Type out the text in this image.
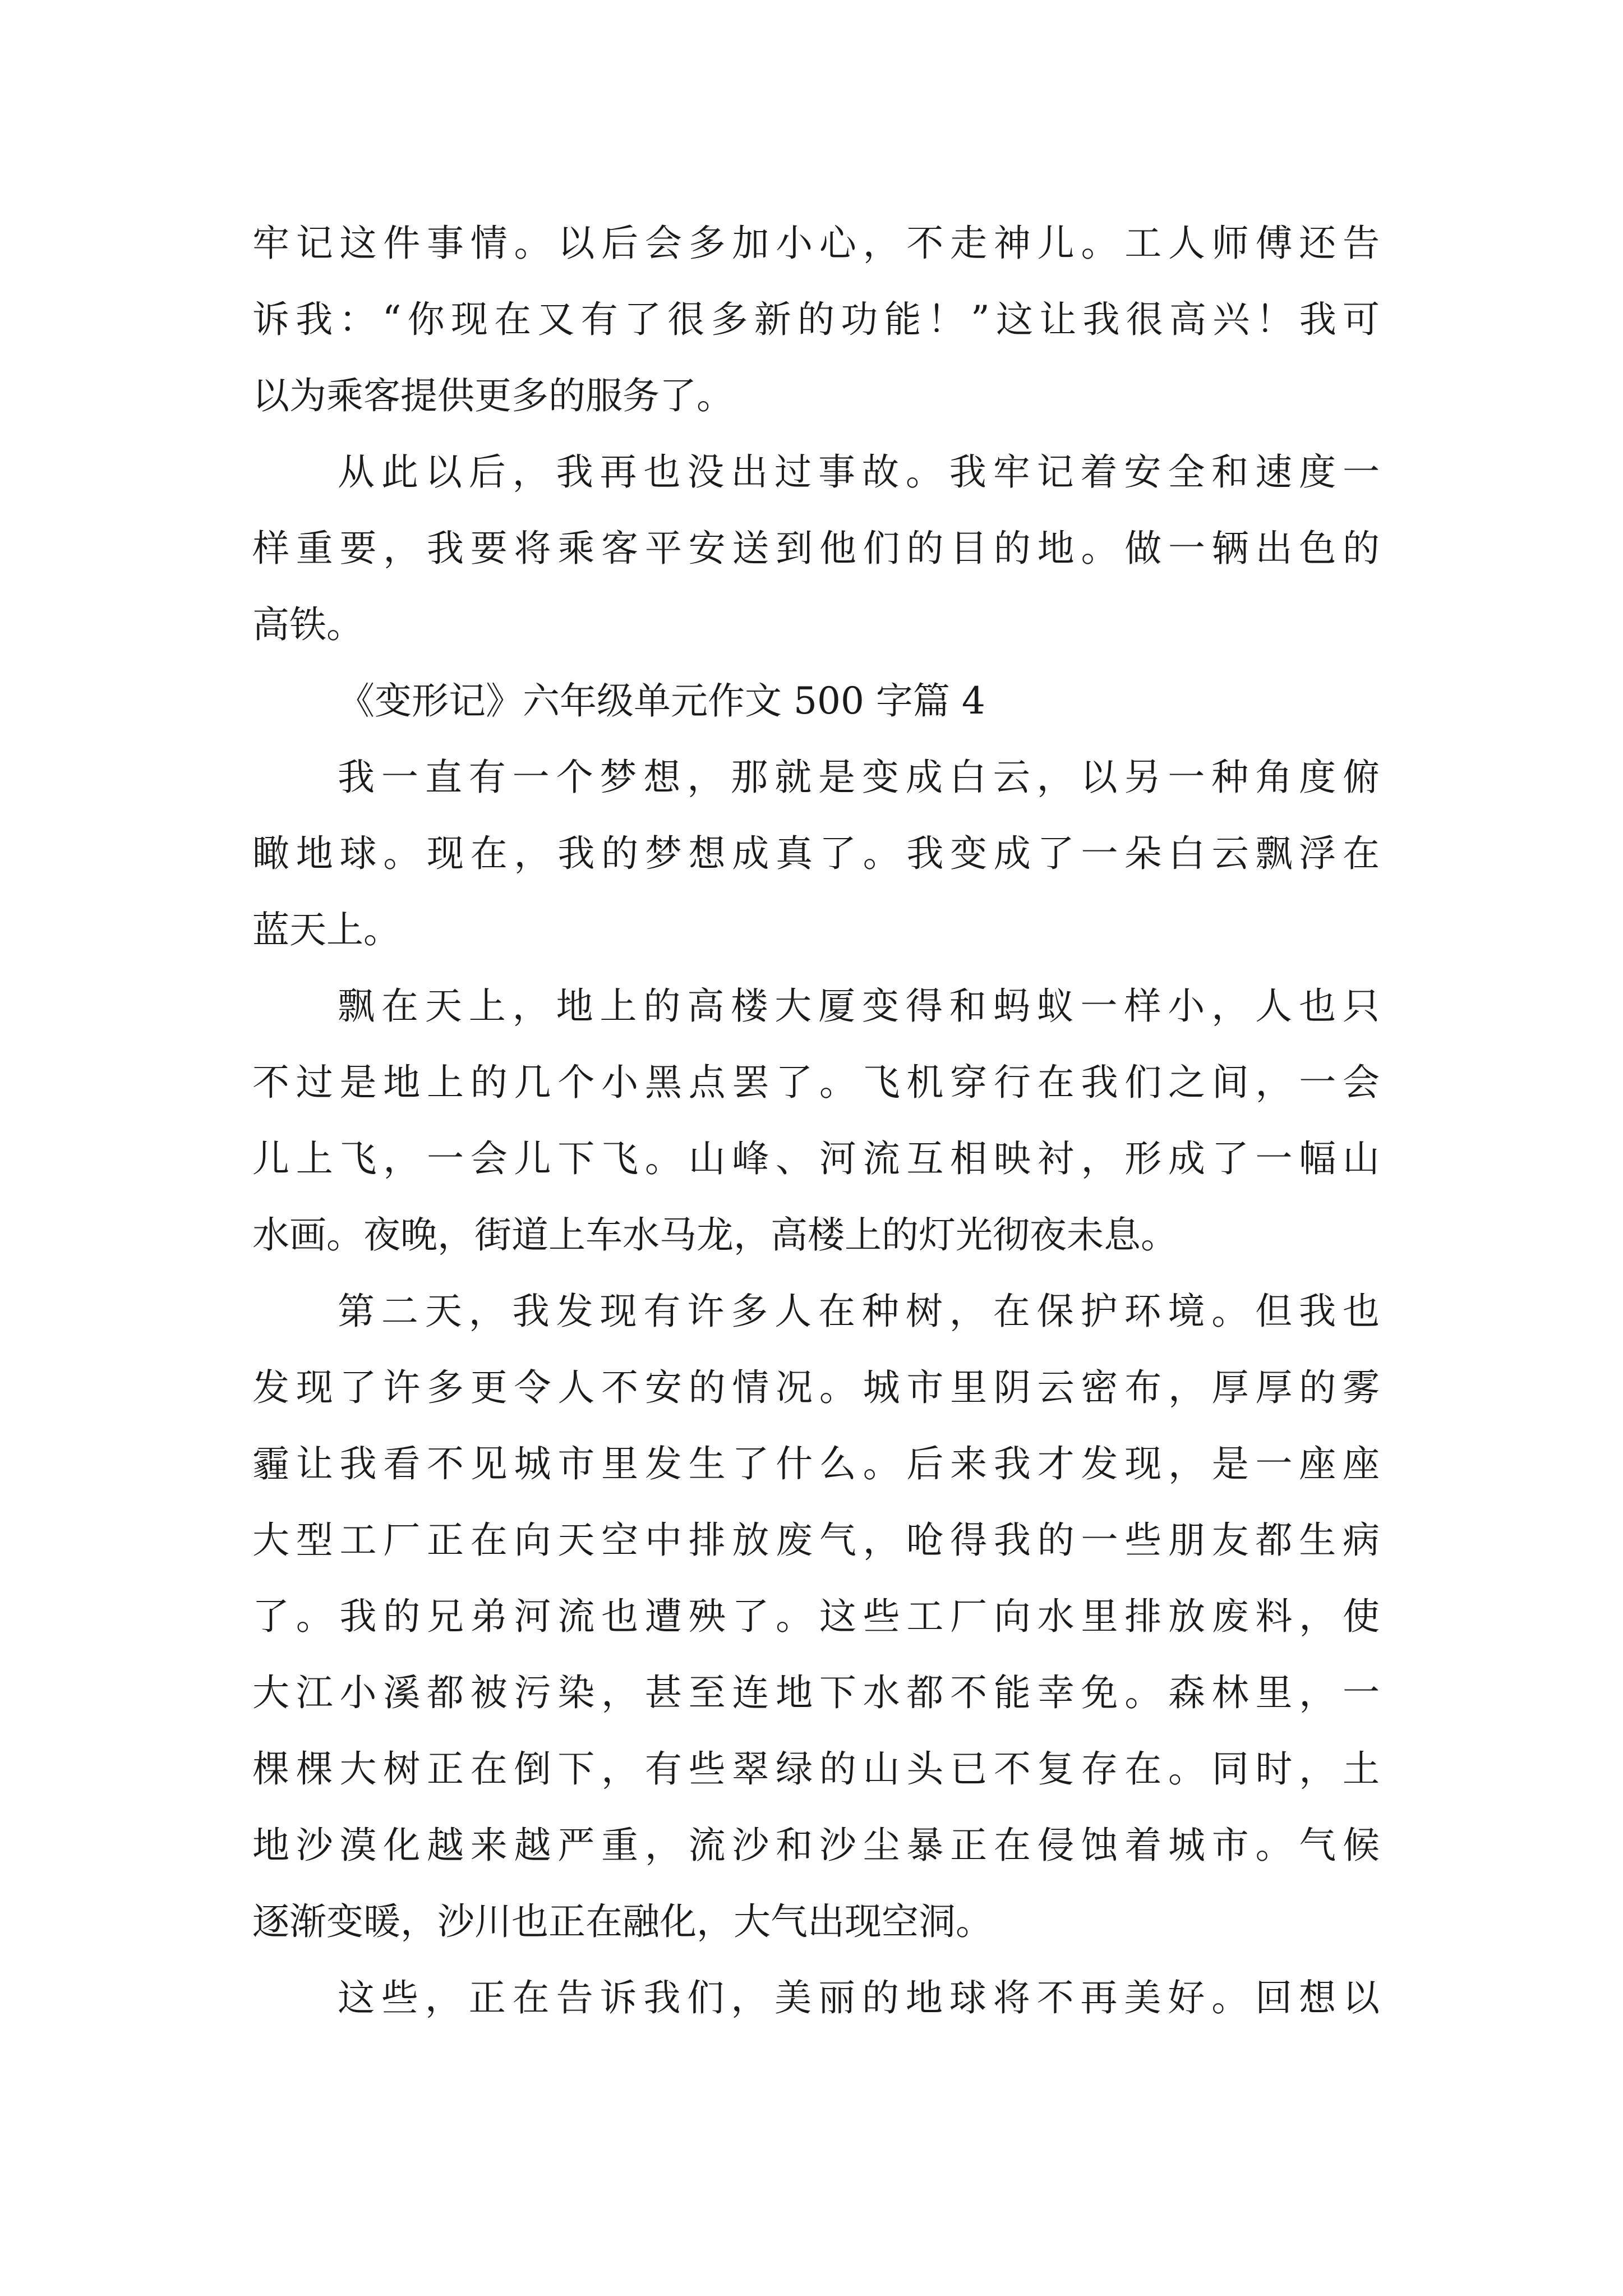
牢记这件事情。以后会多加小心，不走神儿。工人师傅还告
诉我：“你现在又有了很多新的功能！”这让我很高兴！我可
以为乘客提供更多的服务了。
从此以后，我再也没出过事故。我牢记着安全和速度一
样重要，我要将乘客平安送到他们的目的地。做一辆出色的
高铁。
《变形记》六年级单元作文 500 字篇 4
我一直有一个梦想，那就是变成白云，以另一种角度俯
瞰地球。现在，我的梦想成真了。我变成了一朵白云飘浮在
蓝天上。
飘在天上，地上的高楼大厦变得和蚂蚁一样小，人也只
不过是地上的几个小黑点罢了。飞机穿行在我们之间，一会
儿上飞，一会儿下飞。山峰、河流互相映衬，形成了一幅山
水画。夜晚，街道上车水马龙，高楼上的灯光彻夜未息。
第二天，我发现有许多人在种树，在保护环境。但我也
发现了许多更令人不安的情况。城市里阴云密布，厚厚的雾
霾让我看不见城市里发生了什么。后来我才发现，是一座座
大型工厂正在向天空中排放废气，呛得我的一些朋友都生病
了。我的兄弟河流也遭殃了。这些工厂向水里排放废料，使
大江小溪都被污染，甚至连地下水都不能幸免。森林里，一
棵棵大树正在倒下，有些翠绿的山头已不复存在。同时，土
地沙漠化越来越严重，流沙和沙尘暴正在侵蚀着城市。气候
逐渐变暖，沙川也正在融化，大气出现空洞。
这些，正在告诉我们，美丽的地球将不再美好。回想以
